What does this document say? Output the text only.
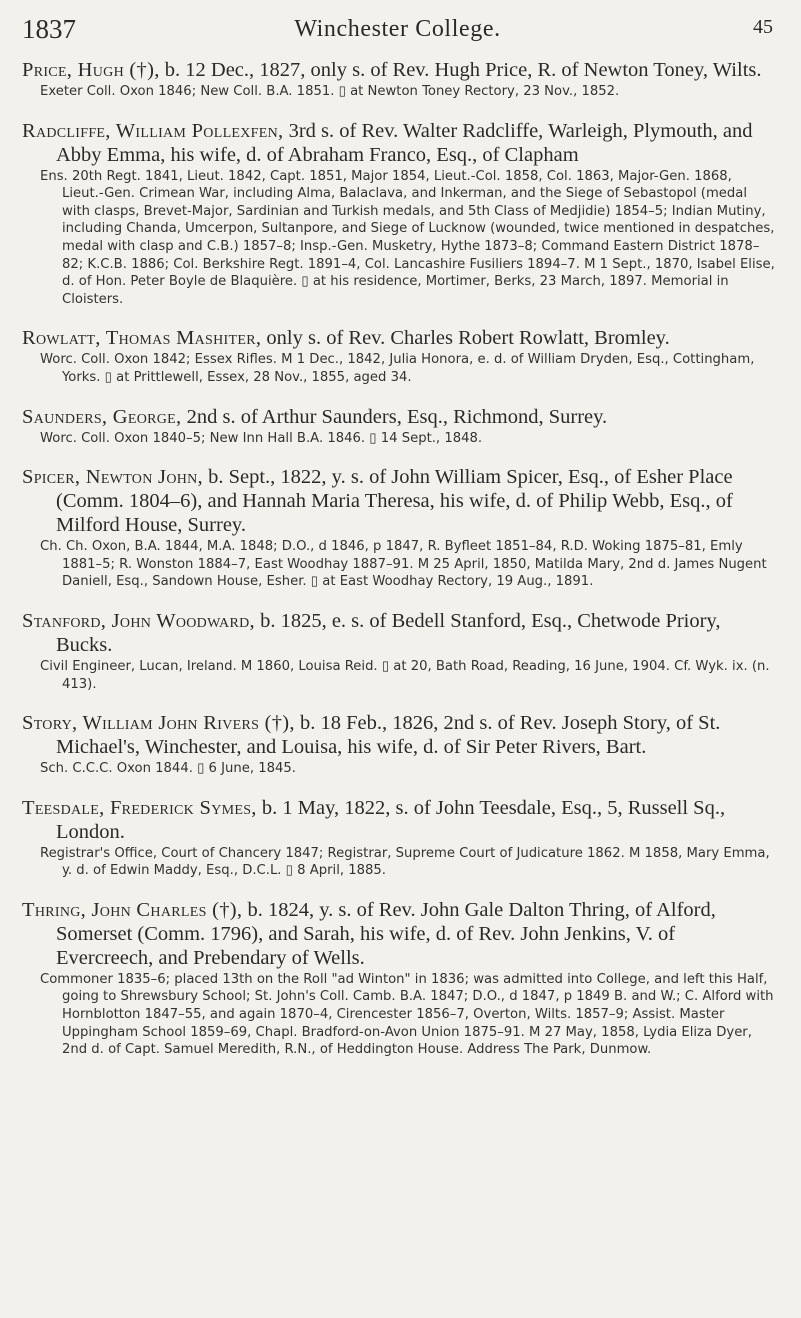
1837	Winchester College.	45
Price, Hugh (†), b. 12 Dec., 1827, only s. of Rev. Hugh Price, R. of Newton Toney, Wilts.
Exeter Coll. Oxon 1846; New Coll. B.A. 1851. ▯ at Newton Toney Rectory, 23 Nov., 1852.
Radcliffe, William Pollexfen, 3rd s. of Rev. Walter Radcliffe, Warleigh, Plymouth, and Abby Emma, his wife, d. of Abraham Franco, Esq., of Clapham
Ens. 20th Regt. 1841, Lieut. 1842, Capt. 1851, Major 1854, Lieut.-Col. 1858, Col. 1863, Major-Gen. 1868, Lieut.-Gen. Crimean War, including Alma, Balaclava, and Inkerman, and the Siege of Sebastopol (medal with clasps, Brevet-Major, Sardinian and Turkish medals, and 5th Class of Medjidie) 1854–5; Indian Mutiny, including Chanda, Umcerpon, Sultanpore, and Siege of Lucknow (wounded, twice mentioned in despatches, medal with clasp and C.B.) 1857–8; Insp.-Gen. Musketry, Hythe 1873–8; Command Eastern District 1878–82; K.C.B. 1886; Col. Berkshire Regt. 1891–4, Col. Lancashire Fusiliers 1894–7. M 1 Sept., 1870, Isabel Elise, d. of Hon. Peter Boyle de Blaquière. ▯ at his residence, Mortimer, Berks, 23 March, 1897. Memorial in Cloisters.
Rowlatt, Thomas Mashiter, only s. of Rev. Charles Robert Rowlatt, Bromley.
Worc. Coll. Oxon 1842; Essex Rifles. M 1 Dec., 1842, Julia Honora, e. d. of William Dryden, Esq., Cottingham, Yorks. ▯ at Prittlewell, Essex, 28 Nov., 1855, aged 34.
Saunders, George, 2nd s. of Arthur Saunders, Esq., Richmond, Surrey.
Worc. Coll. Oxon 1840–5; New Inn Hall B.A. 1846. ▯ 14 Sept., 1848.
Spicer, Newton John, b. Sept., 1822, y. s. of John William Spicer, Esq., of Esher Place (Comm. 1804–6), and Hannah Maria Theresa, his wife, d. of Philip Webb, Esq., of Milford House, Surrey.
Ch. Ch. Oxon, B.A. 1844, M.A. 1848; D.O., d 1846, p 1847, R. Byfleet 1851–84, R.D. Woking 1875–81, Emly 1881–5; R. Wonston 1884–7, East Woodhay 1887–91. M 25 April, 1850, Matilda Mary, 2nd d. James Nugent Daniell, Esq., Sandown House, Esher. ▯ at East Woodhay Rectory, 19 Aug., 1891.
Stanford, John Woodward, b. 1825, e. s. of Bedell Stanford, Esq., Chetwode Priory, Bucks.
Civil Engineer, Lucan, Ireland. M 1860, Louisa Reid. ▯ at 20, Bath Road, Reading, 16 June, 1904. Cf. Wyk. ix. (n. 413).
Story, William John Rivers (†), b. 18 Feb., 1826, 2nd s. of Rev. Joseph Story, of St. Michael's, Winchester, and Louisa, his wife, d. of Sir Peter Rivers, Bart.
Sch. C.C.C. Oxon 1844. ▯ 6 June, 1845.
Teesdale, Frederick Symes, b. 1 May, 1822, s. of John Teesdale, Esq., 5, Russell Sq., London.
Registrar's Office, Court of Chancery 1847; Registrar, Supreme Court of Judicature 1862. M 1858, Mary Emma, y. d. of Edwin Maddy, Esq., D.C.L. ▯ 8 April, 1885.
Thring, John Charles (†), b. 1824, y. s. of Rev. John Gale Dalton Thring, of Alford, Somerset (Comm. 1796), and Sarah, his wife, d. of Rev. John Jenkins, V. of Evercreech, and Prebendary of Wells.
Commoner 1835–6; placed 13th on the Roll "ad Winton" in 1836; was admitted into College, and left this Half, going to Shrewsbury School; St. John's Coll. Camb. B.A. 1847; D.O., d 1847, p 1849 B. and W.; C. Alford with Hornblotton 1847–55, and again 1870–4, Cirencester 1856–7, Overton, Wilts. 1857–9; Assist. Master Uppingham School 1859–69, Chapl. Bradford-on-Avon Union 1875–91. M 27 May, 1858, Lydia Eliza Dyer, 2nd d. of Capt. Samuel Meredith, R.N., of Heddington House. Address The Park, Dunmow.
